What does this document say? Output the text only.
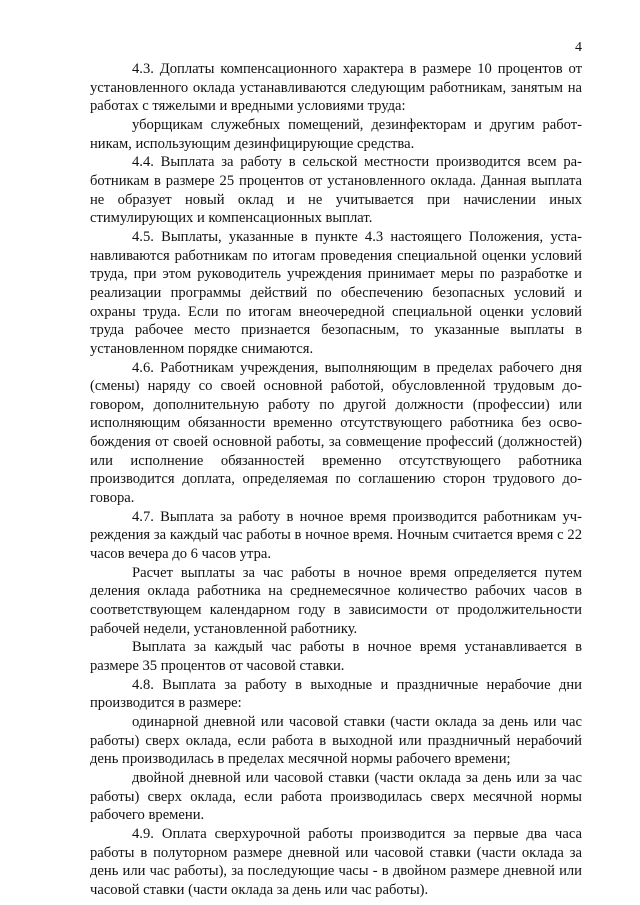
4

4.3. Доплаты компенсационного характера в размере 10 процентов от установленного оклада устанавливаются следующим работникам, занятым на работах с тяжелыми и вредными условиями труда:

уборщикам служебных помещений, дезинфекторам и другим работникам, использующим дезинфицирующие средства.

4.4. Выплата за работу в сельской местности производится всем работникам в размере 25 процентов от установленного оклада. Данная выплата не образует новый оклад и не учитывается при начислении иных стимулирующих и компенсационных выплат.

4.5. Выплаты, указанные в пункте 4.3 настоящего Положения, устанавливаются работникам по итогам проведения специальной оценки условий труда, при этом руководитель учреждения принимает меры по разработке и реализации программы действий по обеспечению безопасных условий и охраны труда. Если по итогам внеочередной специальной оценки условий труда рабочее место признается безопасным, то указанные выплаты в установленном порядке снимаются.

4.6. Работникам учреждения, выполняющим в пределах рабочего дня (смены) наряду со своей основной работой, обусловленной трудовым договором, дополнительную работу по другой должности (профессии) или исполняющим обязанности временно отсутствующего работника без освобождения от своей основной работы, за совмещение профессий (должностей) или исполнение обязанностей временно отсутствующего работника производится доплата, определяемая по соглашению сторон трудового договора.

4.7. Выплата за работу в ночное время производится работникам учреждения за каждый час работы в ночное время. Ночным считается время с 22 часов вечера до 6 часов утра.

Расчет выплаты за час работы в ночное время определяется путем деления оклада работника на среднемесячное количество рабочих часов в соответствующем календарном году в зависимости от продолжительности рабочей недели, установленной работнику.

Выплата за каждый час работы в ночное время устанавливается в размере 35 процентов от часовой ставки.

4.8. Выплата за работу в выходные и праздничные нерабочие дни производится в размере:

одинарной дневной или часовой ставки (части оклада за день или час работы) сверх оклада, если работа в выходной или праздничный нерабочий день производилась в пределах месячной нормы рабочего времени;

двойной дневной или часовой ставки (части оклада за день или за час работы) сверх оклада, если работа производилась сверх месячной нормы рабочего времени.

4.9. Оплата сверхурочной работы производится за первые два часа работы в полуторном размере дневной или часовой ставки (части оклада за день или час работы), за последующие часы - в двойном размере дневной или часовой ставки (части оклада за день или час работы).
